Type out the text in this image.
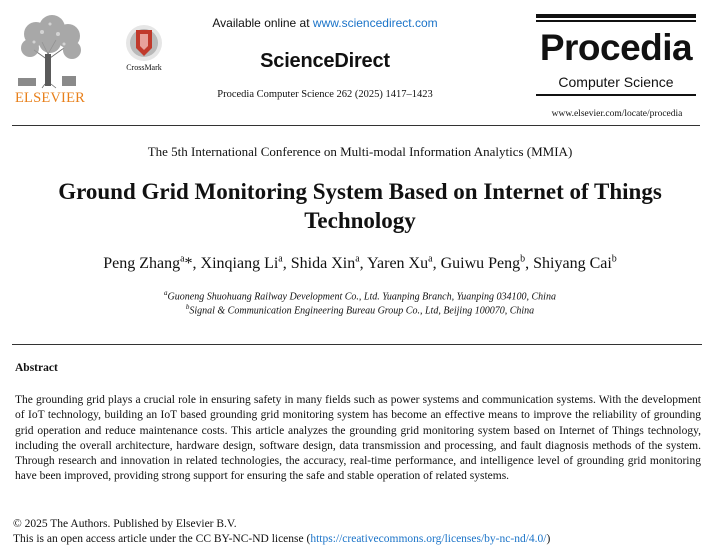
ELSEVIER
CrossMark
Available online at www.sciencedirect.com
ScienceDirect
Procedia Computer Science 262 (2025) 1417–1423
Procedia
Computer Science
www.elsevier.com/locate/procedia
The 5th International Conference on Multi-modal Information Analytics (MMIA)
Ground Grid Monitoring System Based on Internet of Things Technology
Peng Zhang$^a$*, Xinqiang Li$^a$, Shida Xin$^a$, Yaren Xu$^a$, Guiwu Peng$^b$, Shiyang Cai$^b$
$^a$Guoneng Shuohuang Railway Development Co., Ltd. Yuanping Branch, Yuanping 034100, China
$^b$Signal & Communication Engineering Bureau Group Co., Ltd, Beijing 100070, China
Abstract
The grounding grid plays a crucial role in ensuring safety in many fields such as power systems and communication systems. With the development of IoT technology, building an IoT based grounding grid monitoring system has become an effective means to improve the reliability of grounding grid operation and reduce maintenance costs. This article analyzes the grounding grid monitoring system based on Internet of Things technology, including the overall architecture, hardware design, software design, data transmission and processing, and fault diagnosis methods of the system. Through research and innovation in related technologies, the accuracy, real-time performance, and intelligence level of grounding grid monitoring have been improved, providing strong support for ensuring the safe and stable operation of related systems.
© 2025 The Authors. Published by Elsevier B.V.
This is an open access article under the CC BY-NC-ND license (https://creativecommons.org/licenses/by-nc-nd/4.0/)
